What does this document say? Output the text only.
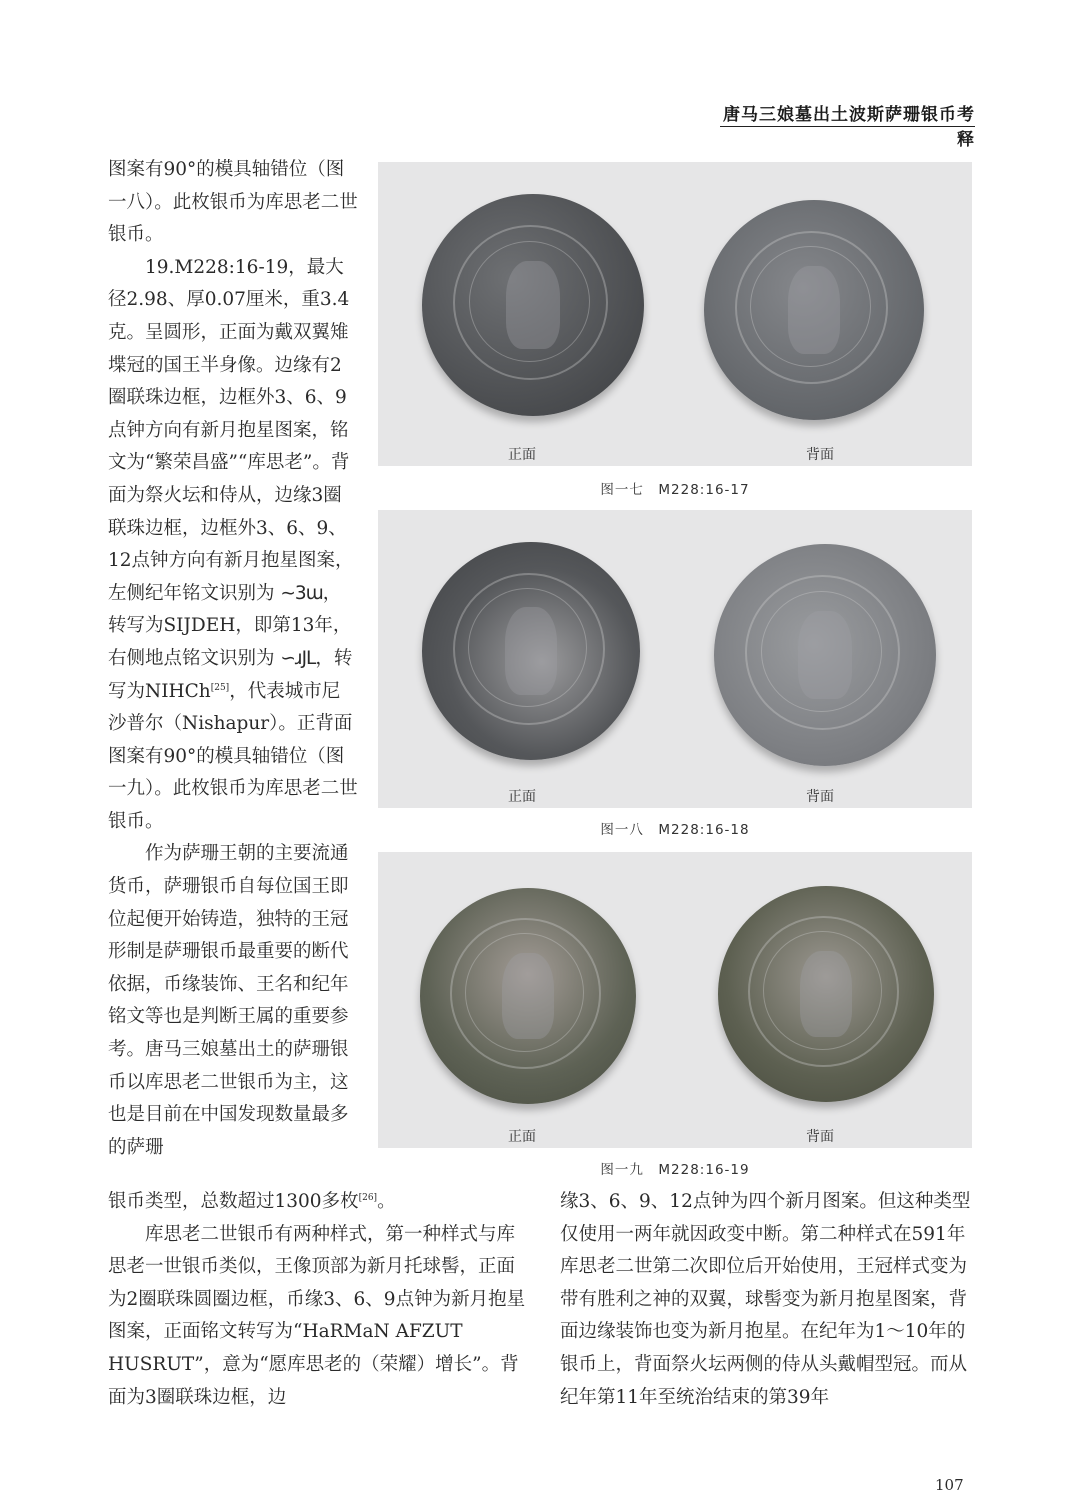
唐马三娘墓出土波斯萨珊银币考释

图案有90°的模具轴错位（图一八）。此枚银币为库思老二世银币。

19.M228:16-19，最大径2.98、厚0.07厘米，重3.4克。呈圆形，正面为戴双翼雉堞冠的国王半身像。边缘有2圈联珠边框，边框外3、6、9点钟方向有新月抱星图案，铭文为“繁荣昌盛”“库思老”。背面为祭火坛和侍从，边缘3圈联珠边框，边框外3、6、9、12点钟方向有新月抱星图案，左侧纪年铭文识别为 ∼3ɯ，转写为SIJDEH，即第13年，右侧地点铭文识别为 ∽ɹJL，转写为NIHCh[25]，代表城市尼沙普尔（Nishapur）。正背面图案有90°的模具轴错位（图一九）。此枚银币为库思老二世银币。

作为萨珊王朝的主要流通货币，萨珊银币自每位国王即位起便开始铸造，独特的王冠形制是萨珊银币最重要的断代依据，币缘装饰、王名和纪年铭文等也是判断王属的重要参考。唐马三娘墓出土的萨珊银币以库思老二世银币为主，这也是目前在中国发现数量最多的萨珊

正面	背面
图一七　M228:16-17
正面	背面
图一八　M228:16-18
正面	背面
图一九　M228:16-19

银币类型，总数超过1300多枚[26]。

库思老二世银币有两种样式，第一种样式与库思老一世银币类似，王像顶部为新月托球髻，正面为2圈联珠圆圈边框，币缘3、6、9点钟为新月抱星图案，正面铭文转写为“HaRMaN AFZUT HUSRUT”，意为“愿库思老的（荣耀）增长”。背面为3圈联珠边框，边

缘3、6、9、12点钟为四个新月图案。但这种类型仅使用一两年就因政变中断。第二种样式在591年库思老二世第二次即位后开始使用，王冠样式变为带有胜利之神的双翼，球髻变为新月抱星图案，背面边缘装饰也变为新月抱星。在纪年为1～10年的银币上，背面祭火坛两侧的侍从头戴帽型冠。而从纪年第11年至统治结束的第39年

107
